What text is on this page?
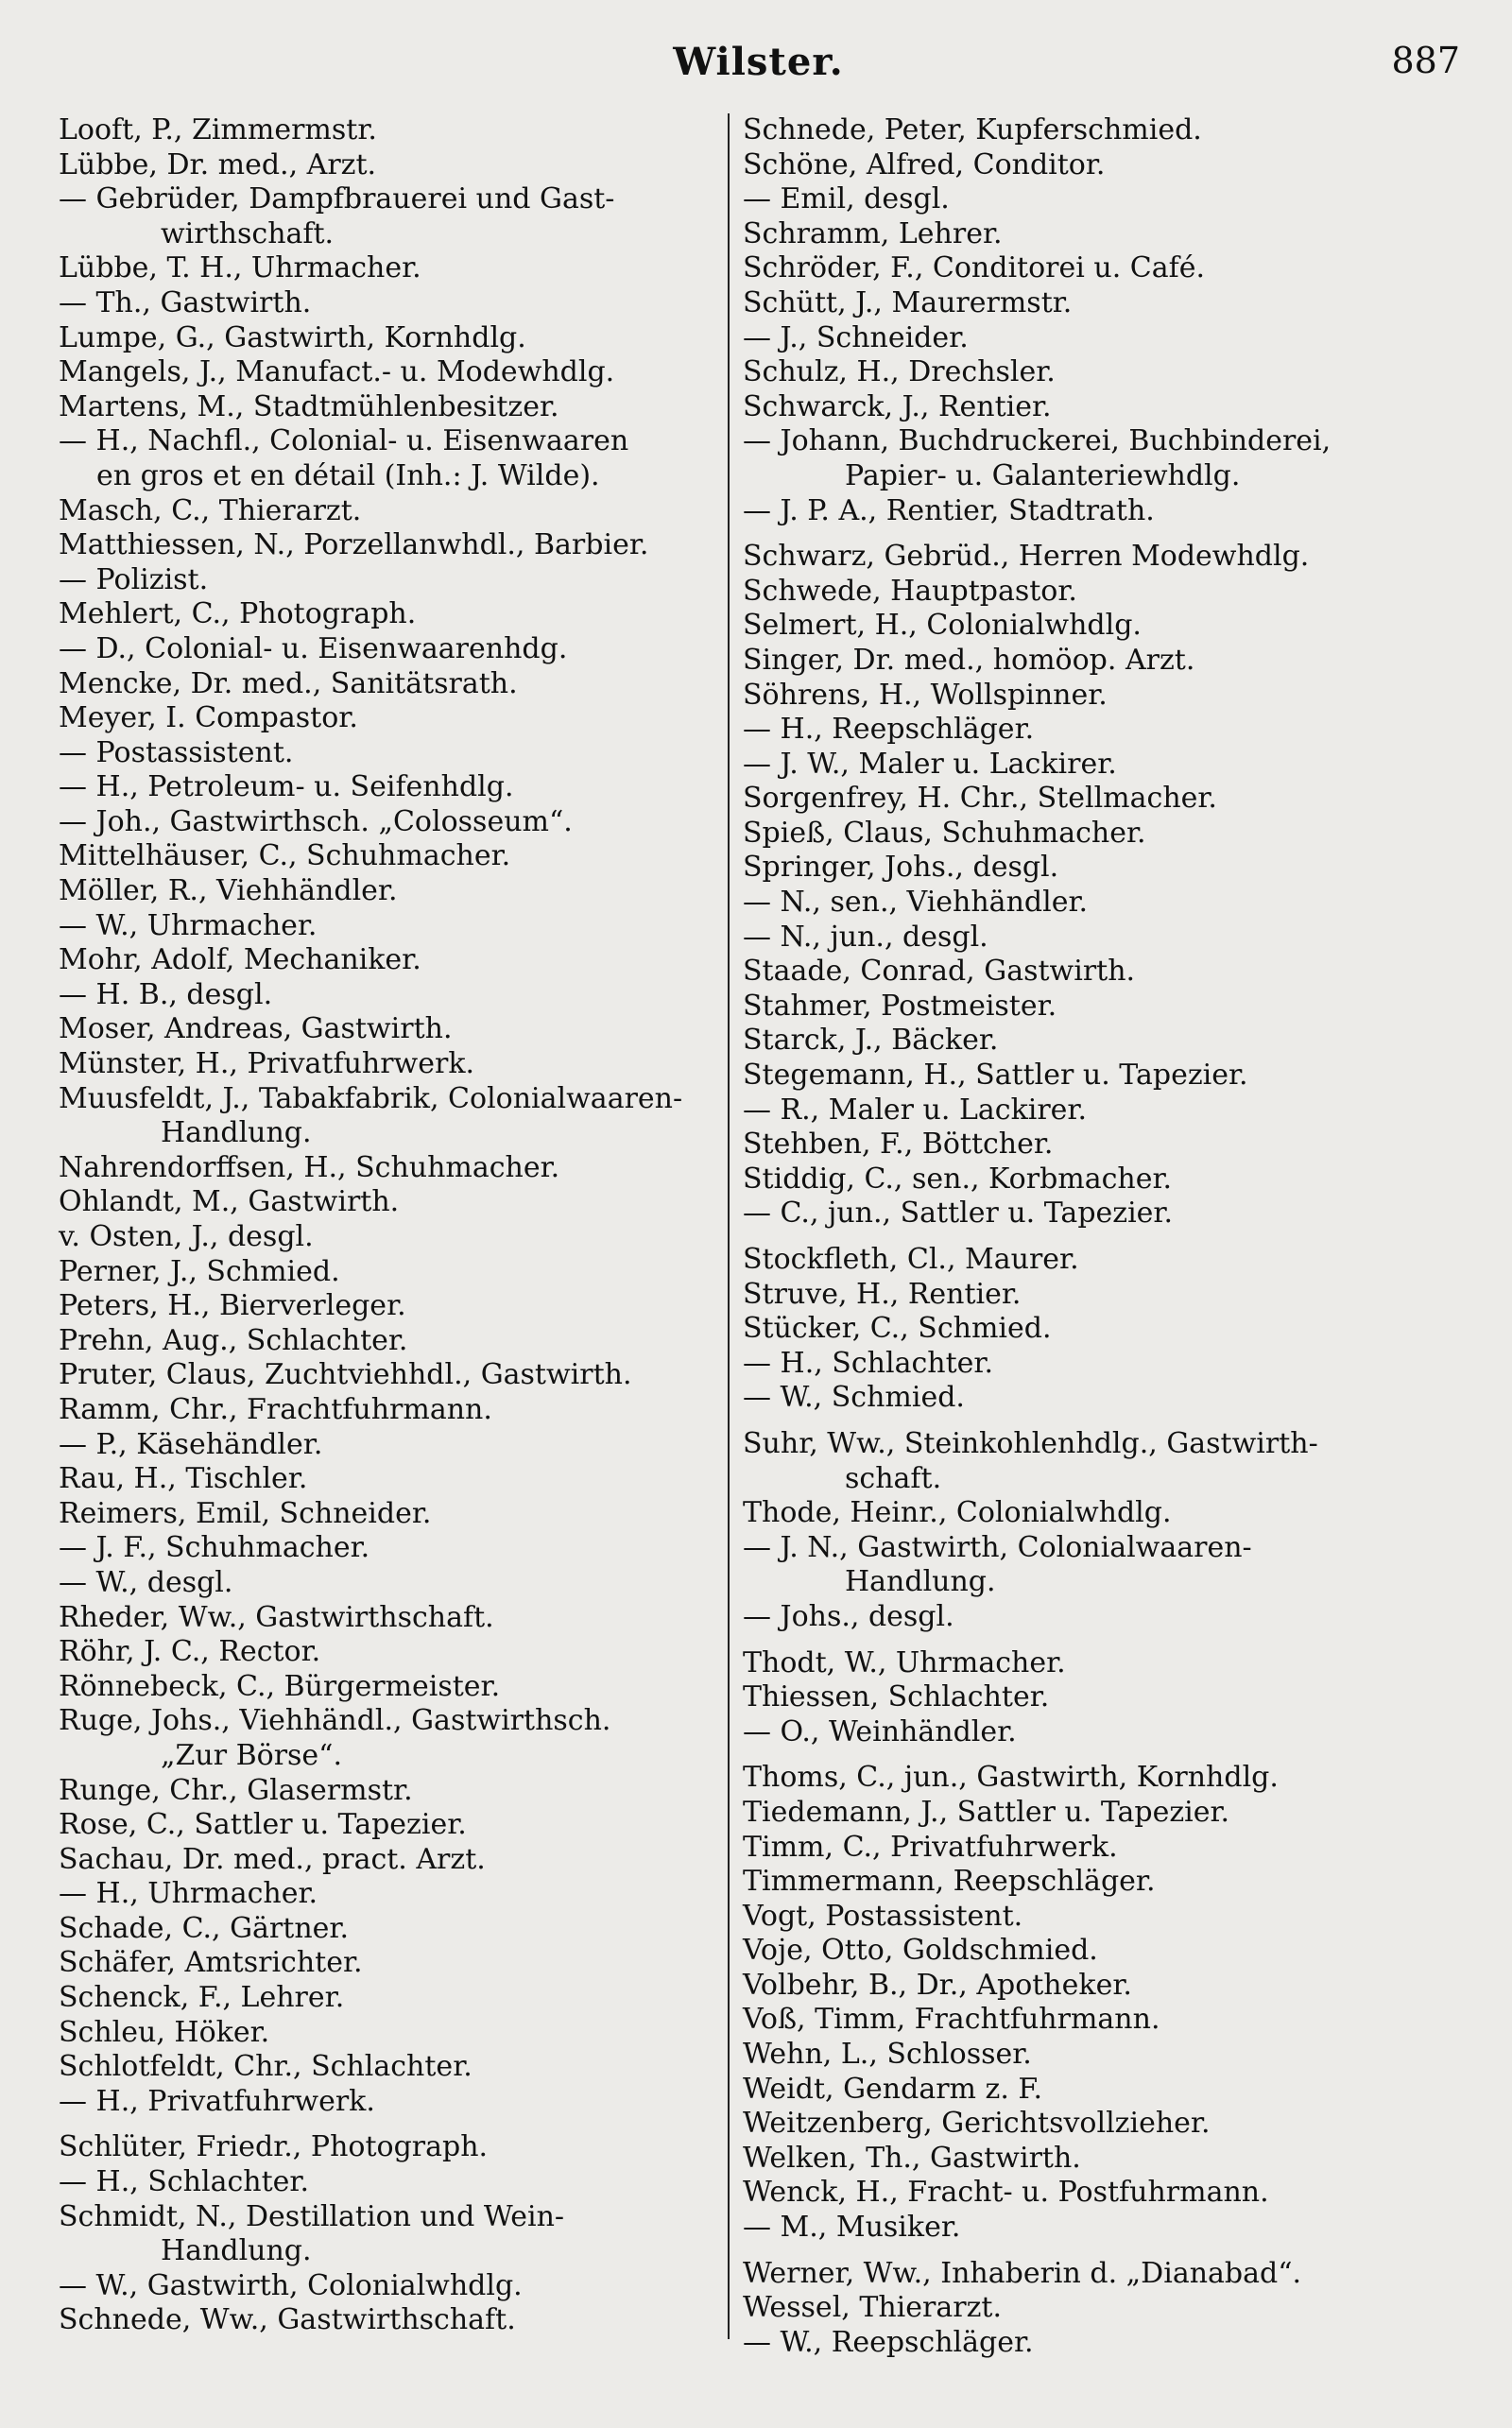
Wilster.	887
Looft, P., Zimmermstr.
Lübbe, Dr. med., Arzt.
— Gebrüder, Dampfbrauerei und Gast-
wirthschaft.
Lübbe, T. H., Uhrmacher.
— Th., Gastwirth.
Lumpe, G., Gastwirth, Kornhdlg.
Mangels, J., Manufact.- u. Modewhdlg.
Martens, M., Stadtmühlenbesitzer.
— H., Nachfl., Colonial- u. Eisenwaaren
en gros et en détail (Inh.: J. Wilde).
Masch, C., Thierarzt.
Matthiessen, N., Porzellanwhdl., Barbier.
— Polizist.
Mehlert, C., Photograph.
— D., Colonial- u. Eisenwaarenhdg.
Mencke, Dr. med., Sanitätsrath.
Meyer, I. Compastor.
— Postassistent.
— H., Petroleum- u. Seifenhdlg.
— Joh., Gastwirthsch. „Colosseum“.
Mittelhäuser, C., Schuhmacher.
Möller, R., Viehhändler.
— W., Uhrmacher.
Mohr, Adolf, Mechaniker.
— H. B., desgl.
Moser, Andreas, Gastwirth.
Münster, H., Privatfuhrwerk.
Muusfeldt, J., Tabakfabrik, Colonialwaaren-
Handlung.
Nahrendorffsen, H., Schuhmacher.
Ohlandt, M., Gastwirth.
v. Osten, J., desgl.
Perner, J., Schmied.
Peters, H., Bierverleger.
Prehn, Aug., Schlachter.
Pruter, Claus, Zuchtviehhdl., Gastwirth.
Ramm, Chr., Frachtfuhrmann.
— P., Käsehändler.
Rau, H., Tischler.
Reimers, Emil, Schneider.
— J. F., Schuhmacher.
— W., desgl.
Rheder, Ww., Gastwirthschaft.
Röhr, J. C., Rector.
Rönnebeck, C., Bürgermeister.
Ruge, Johs., Viehhändl., Gastwirthsch.
„Zur Börse“.
Runge, Chr., Glasermstr.
Rose, C., Sattler u. Tapezier.
Sachau, Dr. med., pract. Arzt.
— H., Uhrmacher.
Schade, C., Gärtner.
Schäfer, Amtsrichter.
Schenck, F., Lehrer.
Schleu, Höker.
Schlotfeldt, Chr., Schlachter.
— H., Privatfuhrwerk.
Schlüter, Friedr., Photograph.
— H., Schlachter.
Schmidt, N., Destillation und Wein-
Handlung.
— W., Gastwirth, Colonialwhdlg.
Schnede, Ww., Gastwirthschaft.
Schnede, Peter, Kupferschmied.
Schöne, Alfred, Conditor.
— Emil, desgl.
Schramm, Lehrer.
Schröder, F., Conditorei u. Café.
Schütt, J., Maurermstr.
— J., Schneider.
Schulz, H., Drechsler.
Schwarck, J., Rentier.
— Johann, Buchdruckerei, Buchbinderei,
Papier- u. Galanteriewhdlg.
— J. P. A., Rentier, Stadtrath.
Schwarz, Gebrüd., Herren Modewhdlg.
Schwede, Hauptpastor.
Selmert, H., Colonialwhdlg.
Singer, Dr. med., homöop. Arzt.
Söhrens, H., Wollspinner.
— H., Reepschläger.
— J. W., Maler u. Lackirer.
Sorgenfrey, H. Chr., Stellmacher.
Spieß, Claus, Schuhmacher.
Springer, Johs., desgl.
— N., sen., Viehhändler.
— N., jun., desgl.
Staade, Conrad, Gastwirth.
Stahmer, Postmeister.
Starck, J., Bäcker.
Stegemann, H., Sattler u. Tapezier.
— R., Maler u. Lackirer.
Stehben, F., Böttcher.
Stiddig, C., sen., Korbmacher.
— C., jun., Sattler u. Tapezier.
Stockfleth, Cl., Maurer.
Struve, H., Rentier.
Stücker, C., Schmied.
— H., Schlachter.
— W., Schmied.
Suhr, Ww., Steinkohlenhdlg., Gastwirth-
schaft.
Thode, Heinr., Colonialwhdlg.
— J. N., Gastwirth, Colonialwaaren-
Handlung.
— Johs., desgl.
Thodt, W., Uhrmacher.
Thiessen, Schlachter.
— O., Weinhändler.
Thoms, C., jun., Gastwirth, Kornhdlg.
Tiedemann, J., Sattler u. Tapezier.
Timm, C., Privatfuhrwerk.
Timmermann, Reepschläger.
Vogt, Postassistent.
Voje, Otto, Goldschmied.
Volbehr, B., Dr., Apotheker.
Voß, Timm, Frachtfuhrmann.
Wehn, L., Schlosser.
Weidt, Gendarm z. F.
Weitzenberg, Gerichtsvollzieher.
Welken, Th., Gastwirth.
Wenck, H., Fracht- u. Postfuhrmann.
— M., Musiker.
Werner, Ww., Inhaberin d. „Dianabad“.
Wessel, Thierarzt.
— W., Reepschläger.
